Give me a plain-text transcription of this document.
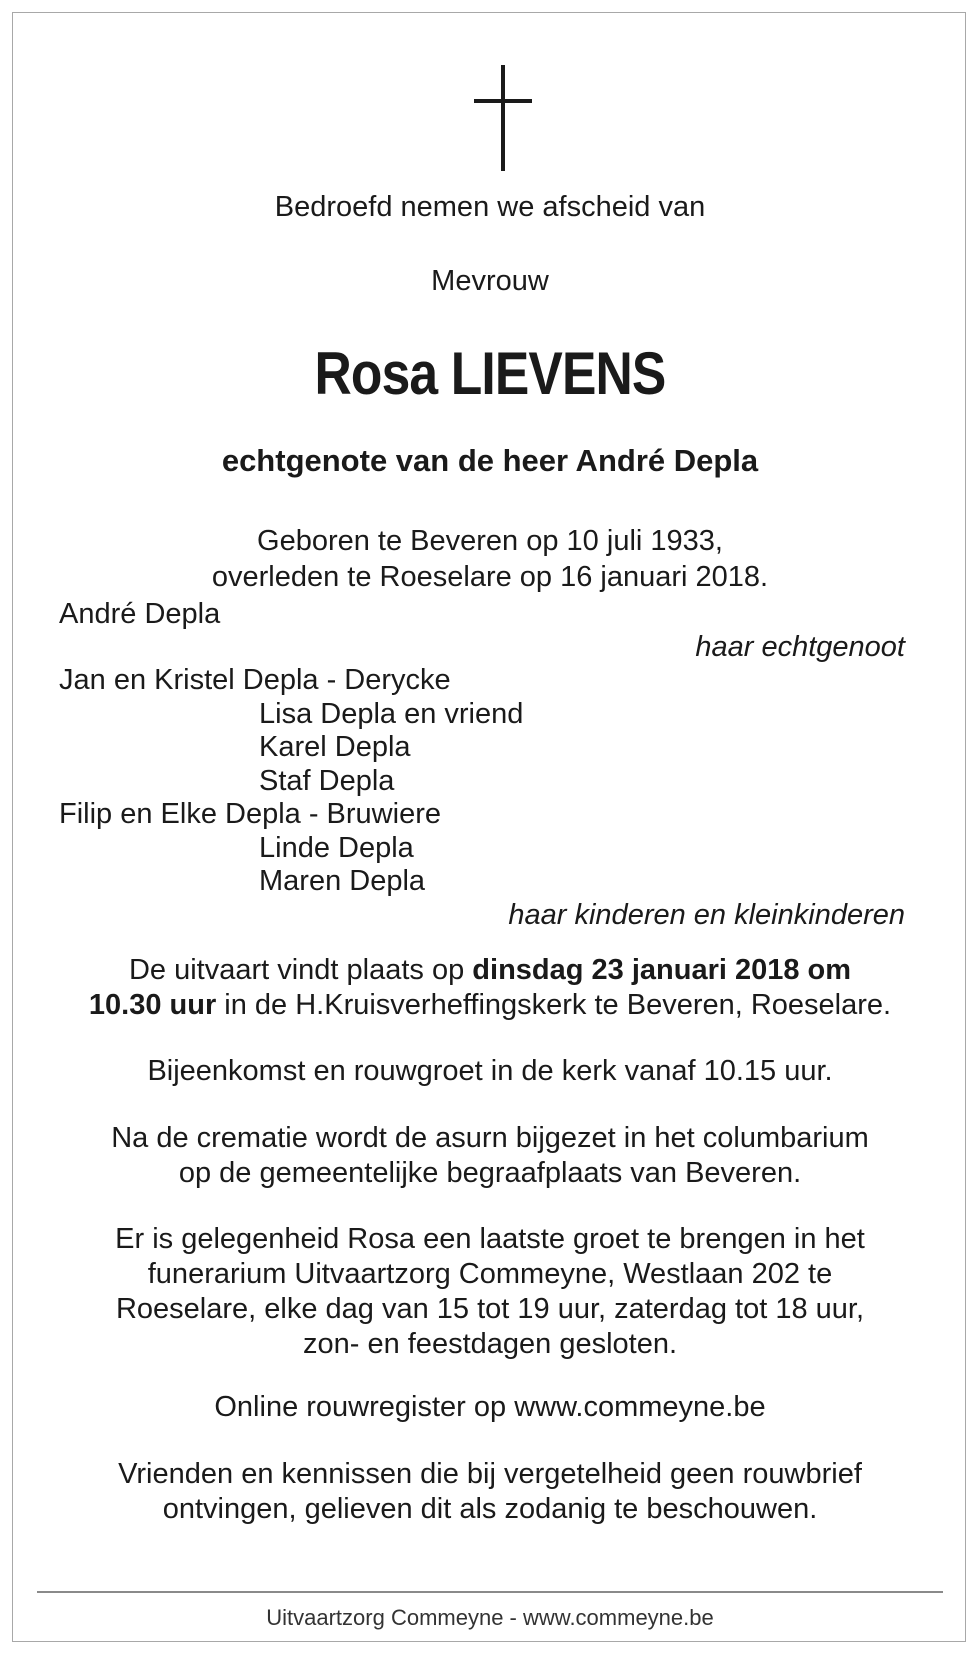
Bedroefd nemen we afscheid van
Mevrouw
Rosa LIEVENS
echtgenote van de heer André Depla
Geboren te Beveren op 10 juli 1933,
overleden te Roeselare op 16 januari 2018.
André Depla
haar echtgenoot
Jan en Kristel Depla - Derycke
Lisa Depla en vriend
Karel Depla
Staf Depla
Filip en Elke Depla - Bruwiere
Linde Depla
Maren Depla
haar kinderen en kleinkinderen
De uitvaart vindt plaats op dinsdag 23 januari 2018 om
10.30 uur in de H.Kruisverheffingskerk te Beveren, Roeselare.
Bijeenkomst en rouwgroet in de kerk vanaf 10.15 uur.
Na de crematie wordt de asurn bijgezet in het columbarium
op de gemeentelijke begraafplaats van Beveren.
Er is gelegenheid Rosa een laatste groet te brengen in het
funerarium Uitvaartzorg Commeyne, Westlaan 202 te
Roeselare, elke dag van 15 tot 19 uur, zaterdag tot 18 uur,
zon- en feestdagen gesloten.
Online rouwregister op www.commeyne.be
Vrienden en kennissen die bij vergetelheid geen rouwbrief
ontvingen, gelieven dit als zodanig te beschouwen.
Uitvaartzorg Commeyne - www.commeyne.be
